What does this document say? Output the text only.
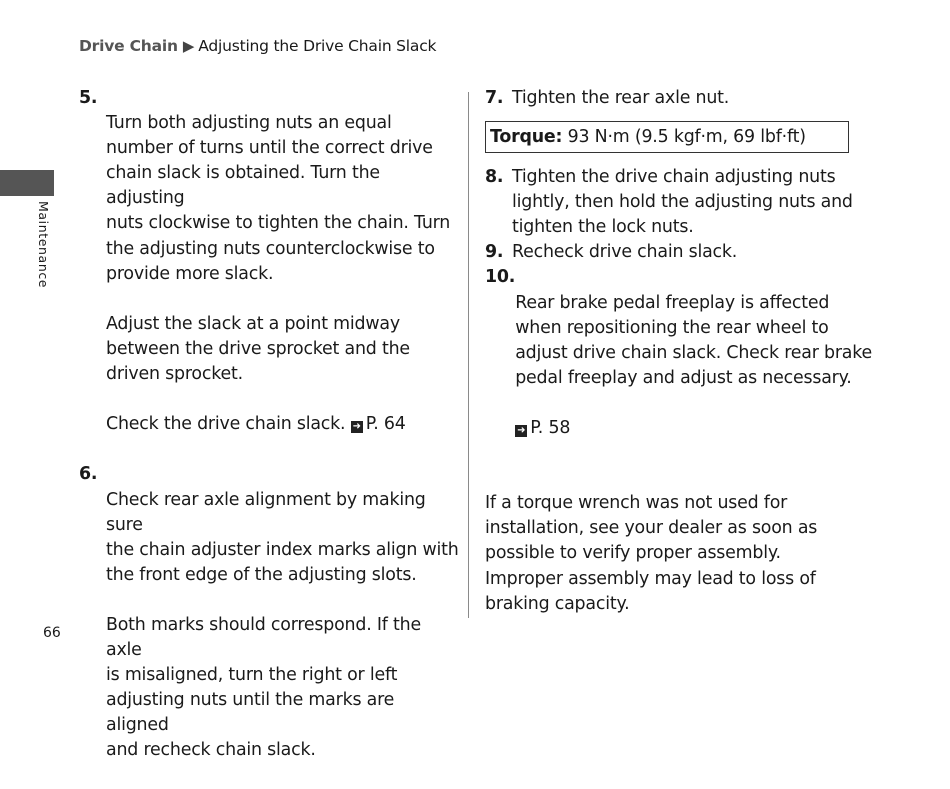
Drive Chain ▶ Adjusting the Drive Chain Slack
Maintenance
5.

Turn both adjusting nuts an equal
number of turns until the correct drive
chain slack is obtained. Turn the adjusting
nuts clockwise to tighten the chain. Turn
the adjusting nuts counterclockwise to
provide more slack.

Adjust the slack at a point midway
between the drive sprocket and the
driven sprocket.

Check the drive chain slack. ➜ P. 64

6.

Check rear axle alignment by making sure
the chain adjuster index marks align with
the front edge of the adjusting slots.

Both marks should correspond. If the axle
is misaligned, turn the right or left
adjusting nuts until the marks are aligned
and recheck chain slack.

7. Tighten the rear axle nut.
Torque: 93 N·m (9.5 kgf·m, 69 lbf·ft)
8. Tighten the drive chain adjusting nuts
lightly, then hold the adjusting nuts and
tighten the lock nuts.
9. Recheck drive chain slack.
10.

Rear brake pedal freeplay is affected
when repositioning the rear wheel to
adjust drive chain slack. Check rear brake
pedal freeplay and adjust as necessary.

➜ P. 58

If a torque wrench was not used for
installation, see your dealer as soon as
possible to verify proper assembly.
Improper assembly may lead to loss of
braking capacity.
66
